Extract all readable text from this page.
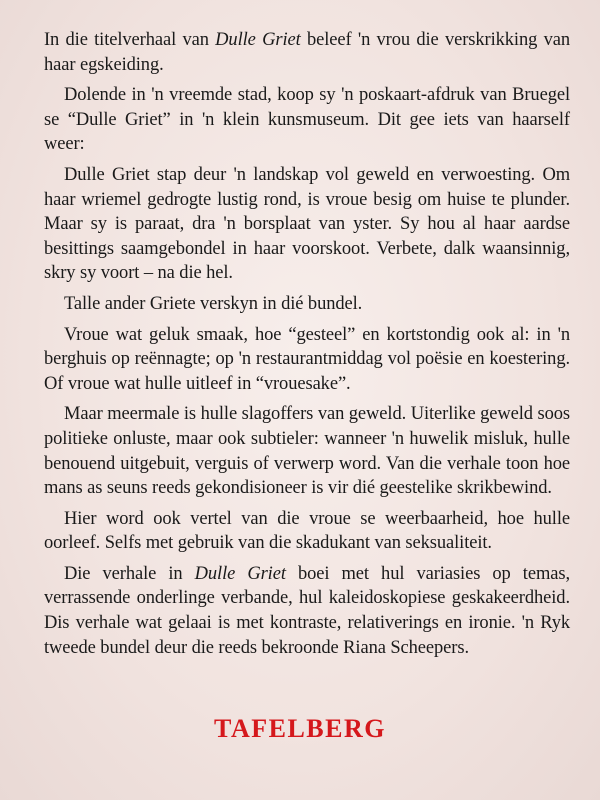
In die titelverhaal van Dulle Griet beleef 'n vrou die verskrikking van haar egskeiding.

Dolende in 'n vreemde stad, koop sy 'n poskaart-afdruk van Bruegel se “Dulle Griet” in 'n klein kunsmuseum. Dit gee iets van haarself weer:

Dulle Griet stap deur 'n landskap vol geweld en verwoesting. Om haar wriemel gedrogte lustig rond, is vroue besig om huise te plunder. Maar sy is paraat, dra 'n borsplaat van yster. Sy hou al haar aardse besittings saamgebondel in haar voorskoot. Verbete, dalk waansinnig, skry sy voort – na die hel.

Talle ander Griete verskyn in dié bundel.

Vroue wat geluk smaak, hoe “gesteel” en kortstondig ook al: in 'n berghuis op reënnagte; op 'n restaurantmiddag vol poësie en koestering. Of vroue wat hulle uitleef in “vrouesake”.

Maar meermale is hulle slagoffers van geweld. Uiterlike geweld soos politieke onluste, maar ook subtieler: wanneer 'n huwelik misluk, hulle benouend uitgebuit, verguis of verwerp word. Van die verhale toon hoe mans as seuns reeds gekondisioneer is vir dié geestelike skrikbewind.

Hier word ook vertel van die vroue se weerbaarheid, hoe hulle oorleef. Selfs met gebruik van die skadukant van seksualiteit.

Die verhale in Dulle Griet boei met hul variasies op temas, verrassende onderlinge verbande, hul kaleidoskopiese geskakeerdheid. Dis verhale wat gelaai is met kontraste, relativerings en ironie. 'n Ryk tweede bundel deur die reeds bekroonde Riana Scheepers.

TAFELBERG
